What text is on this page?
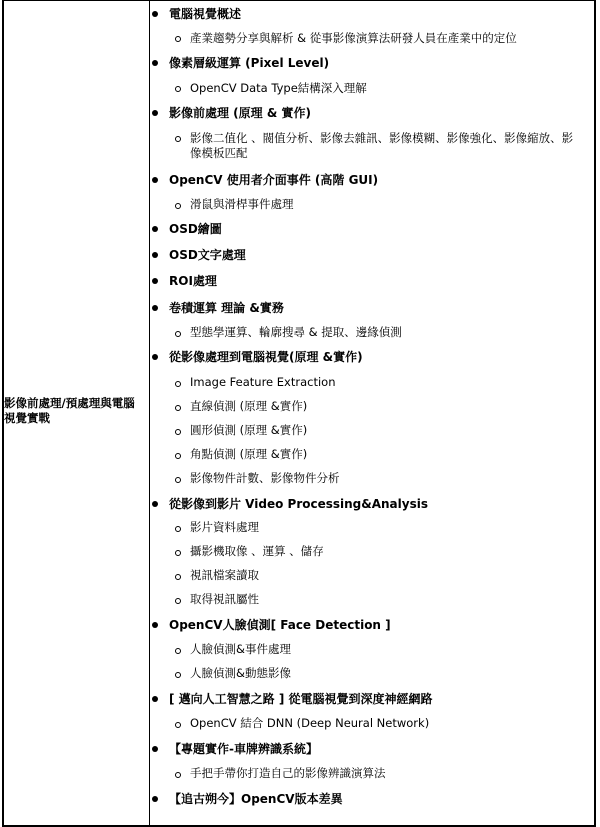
影像前處理/預處理與電腦視覺實戰
電腦視覺概述
產業趨勢分享與解析 & 從事影像演算法研發人員在產業中的定位
像素層級運算 (Pixel Level)
OpenCV Data Type結構深入理解
影像前處理 (原理 & 實作)
影像二值化 、閥值分析、影像去雜訊、影像模糊、影像強化、影像縮放、影像模板匹配
OpenCV 使用者介面事件 (高階 GUI)
滑鼠與滑桿事件處理
OSD繪圖
OSD文字處理
ROI處理
卷積運算 理論 &實務
型態學運算、輪廓搜尋 & 提取、邊緣偵測
從影像處理到電腦視覺(原理 &實作)
Image Feature Extraction
直線偵測 (原理 &實作)
圓形偵測 (原理 &實作)
角點偵測 (原理 &實作)
影像物件計數、影像物件分析
從影像到影片 Video Processing&Analysis
影片資料處理
攝影機取像 、運算 、儲存
視訊檔案讀取
取得視訊屬性
OpenCV人臉偵測[ Face Detection ]
人臉偵測&事件處理
人臉偵測&動態影像
[ 邁向人工智慧之路 ] 從電腦視覺到深度神經網路
OpenCV 結合 DNN (Deep Neural Network)
【專題實作-車牌辨識系統】
手把手帶你打造自己的影像辨識演算法
【追古朔今】OpenCV版本差異
